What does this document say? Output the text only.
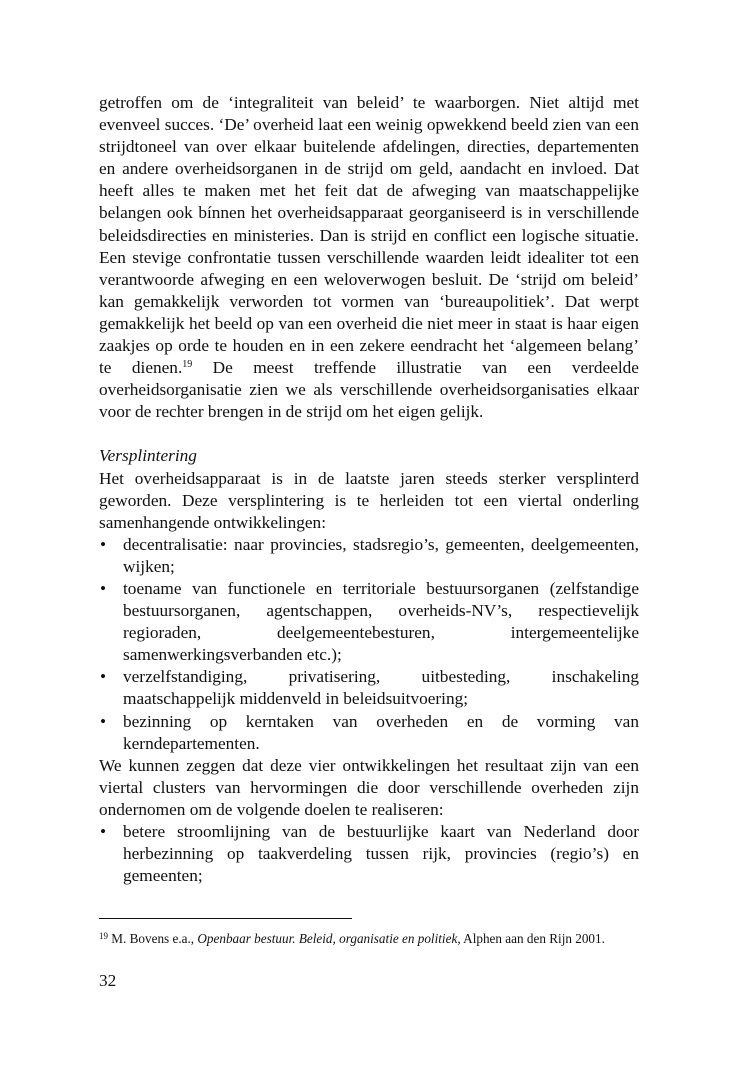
getroffen om de ‘integraliteit van beleid’ te waarborgen. Niet altijd met evenveel succes. ‘De’ overheid laat een weinig opwekkend beeld zien van een strijdtoneel van over elkaar buitelende afdelingen, directies, departementen en andere overheidsorganen in de strijd om geld, aandacht en invloed. Dat heeft alles te maken met het feit dat de afweging van maatschappelijke belangen ook bínnen het overheidsapparaat georganiseerd is in verschillende beleidsdirecties en ministeries. Dan is strijd en conflict een logische situatie. Een stevige confrontatie tussen verschillende waarden leidt idealiter tot een verantwoorde afweging en een weloverwogen besluit. De ‘strijd om beleid’ kan gemakkelijk verworden tot vormen van ‘bureaupolitiek’. Dat werpt gemakkelijk het beeld op van een overheid die niet meer in staat is haar eigen zaakjes op orde te houden en in een zekere eendracht het ‘algemeen belang’ te dienen.$^{19}$ De meest treffende illustratie van een verdeelde overheidsorganisatie zien we als verschillende overheidsorganisaties elkaar voor de rechter brengen in de strijd om het eigen gelijk.

Versplintering

Het overheidsapparaat is in de laatste jaren steeds sterker versplinterd geworden. Deze versplintering is te herleiden tot een viertal onderling samenhangende ontwikkelingen:

• decentralisatie: naar provincies, stadsregio’s, gemeenten, deelgemeenten, wijken;
• toename van functionele en territoriale bestuursorganen (zelfstandige bestuursorganen, agentschappen, overheids-NV’s, respectievelijk regioraden, deelgemeentebesturen, intergemeentelijke samenwerkingsverbanden etc.);
• verzelfstandiging, privatisering, uitbesteding, inschakeling maatschappelijk middenveld in beleidsuitvoering;
• bezinning op kerntaken van overheden en de vorming van kerndepartementen.

We kunnen zeggen dat deze vier ontwikkelingen het resultaat zijn van een viertal clusters van hervormingen die door verschillende overheden zijn ondernomen om de volgende doelen te realiseren:

• betere stroomlijning van de bestuurlijke kaart van Nederland door herbezinning op taakverdeling tussen rijk, provincies (regio’s) en gemeenten;
$^{19}$ M. Bovens e.a., Openbaar bestuur. Beleid, organisatie en politiek, Alphen aan den Rijn 2001.
32
